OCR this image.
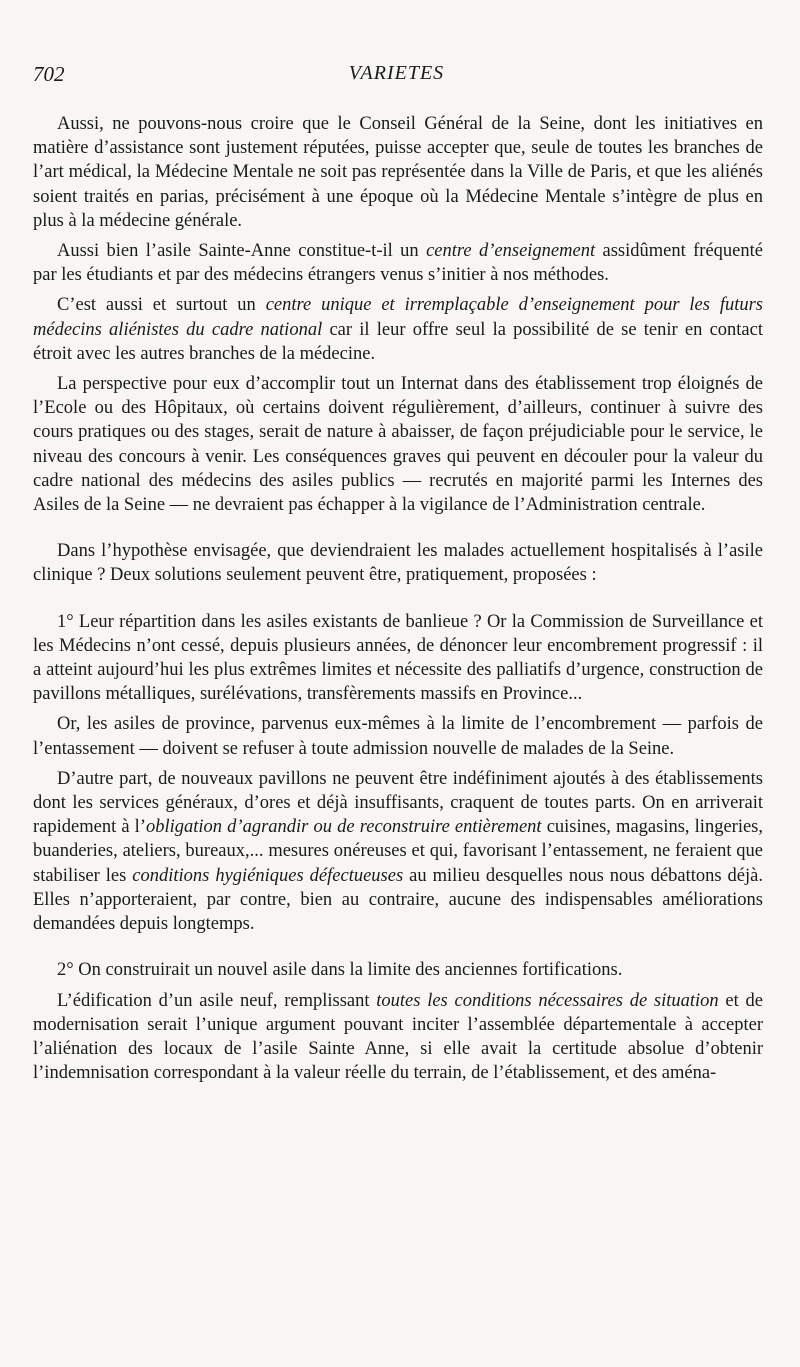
702	VARIETES

Aussi, ne pouvons-nous croire que le Conseil Général de la Seine, dont les initiatives en matière d’assistance sont justement réputées, puisse accepter que, seule de toutes les branches de l’art médical, la Médecine Mentale ne soit pas représentée dans la Ville de Paris, et que les aliénés soient traités en parias, précisément à une époque où la Médecine Mentale s’intègre de plus en plus à la médecine générale.

Aussi bien l’asile Sainte-Anne constitue-t-il un centre d’enseignement assidûment fréquenté par les étudiants et par des médecins étrangers venus s’initier à nos méthodes.

C’est aussi et surtout un centre unique et irremplaçable d’enseignement pour les futurs médecins aliénistes du cadre national car il leur offre seul la possibilité de se tenir en contact étroit avec les autres branches de la médecine.

La perspective pour eux d’accomplir tout un Internat dans des établissement trop éloignés de l’Ecole ou des Hôpitaux, où certains doivent régulièrement, d’ailleurs, continuer à suivre des cours pratiques ou des stages, serait de nature à abaisser, de façon préjudiciable pour le service, le niveau des concours à venir. Les conséquences graves qui peuvent en découler pour la valeur du cadre national des médecins des asiles publics — recrutés en majorité parmi les Internes des Asiles de la Seine — ne devraient pas échapper à la vigilance de l’Administration centrale.

Dans l’hypothèse envisagée, que deviendraient les malades actuellement hospitalisés à l’asile clinique ? Deux solutions seulement peuvent être, pratiquement, proposées :

1° Leur répartition dans les asiles existants de banlieue ? Or la Commission de Surveillance et les Médecins n’ont cessé, depuis plusieurs années, de dénoncer leur encombrement progressif : il a atteint aujourd’hui les plus extrêmes limites et nécessite des palliatifs d’urgence, construction de pavillons métalliques, surélévations, transfèrements massifs en Province...

Or, les asiles de province, parvenus eux-mêmes à la limite de l’encombrement — parfois de l’entassement — doivent se refuser à toute admission nouvelle de malades de la Seine.

D’autre part, de nouveaux pavillons ne peuvent être indéfiniment ajoutés à des établissements dont les services généraux, d’ores et déjà insuffisants, craquent de toutes parts. On en arriverait rapidement à l’obligation d’agrandir ou de reconstruire entièrement cuisines, magasins, lingeries, buanderies, ateliers, bureaux,... mesures onéreuses et qui, favorisant l’entassement, ne feraient que stabiliser les conditions hygiéniques défectueuses au milieu desquelles nous nous débattons déjà. Elles n’apporteraient, par contre, bien au contraire, aucune des indispensables améliorations demandées depuis longtemps.

2° On construirait un nouvel asile dans la limite des anciennes fortifications.

L’édification d’un asile neuf, remplissant toutes les conditions nécessaires de situation et de modernisation serait l’unique argument pouvant inciter l’assemblée départementale à accepter l’aliénation des locaux de l’asile Sainte Anne, si elle avait la certitude absolue d’obtenir l’indemnisation correspondant à la valeur réelle du terrain, de l’établissement, et des aména-
